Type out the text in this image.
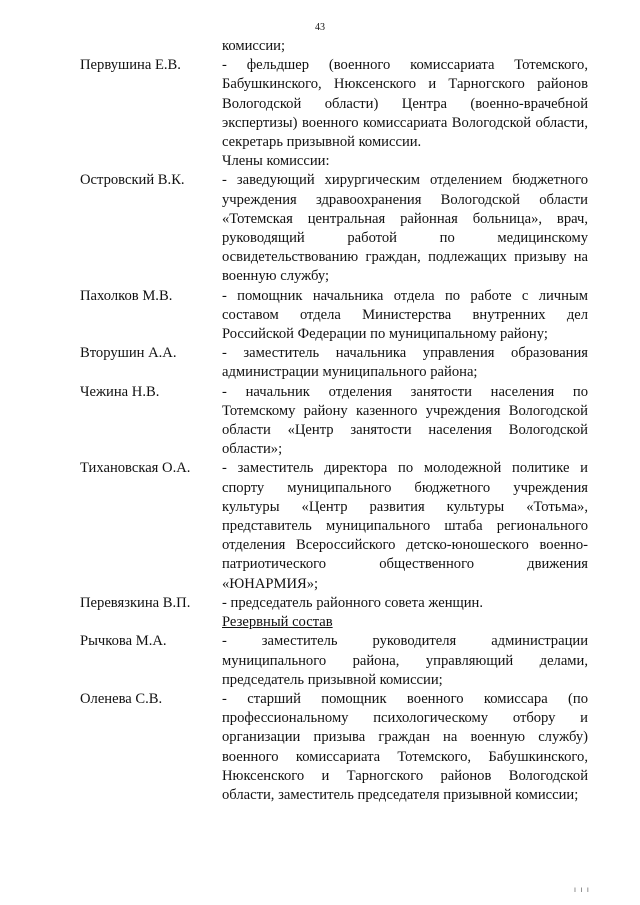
43
комиссии;
Первушина Е.В.	- фельдшер (военного комиссариата Тотемского, Бабушкинского, Нюксенского и Тарногского районов Вологодской области) Центра (военно-врачебной экспертизы) военного комиссариата Вологодской области, секретарь призывной комиссии.
Члены комиссии:
Островский В.К.	- заведующий хирургическим отделением бюджетного учреждения здравоохранения Вологодской области «Тотемская центральная районная больница», врач, руководящий работой по медицинскому освидетельствованию граждан, подлежащих призыву на военную службу;
Пахолков М.В.	- помощник начальника отдела по работе с личным составом отдела Министерства внутренних дел Российской Федерации по муниципальному району;
Вторушин А.А.	- заместитель начальника управления образования администрации муниципального района;
Чежина Н.В.	- начальник отделения занятости населения по Тотемскому району казенного учреждения Вологодской области «Центр занятости населения Вологодской области»;
Тихановская О.А.	- заместитель директора по молодежной политике и спорту муниципального бюджетного учреждения культуры «Центр развития культуры «Тотьма», представитель муниципального штаба регионального отделения Всероссийского детско-юношеского военно-патриотического общественного движения «ЮНАРМИЯ»;
Перевязкина В.П.	- председатель районного совета женщин.
Резервный состав
Рычкова М.А.	- заместитель руководителя администрации муниципального района, управляющий делами, председатель призывной комиссии;
Оленева С.В.	- старший помощник военного комиссара (по профессиональному психологическому отбору и организации призыва граждан на военную службу) военного комиссариата Тотемского, Бабушкинского, Нюксенского и Тарногского районов Вологодской области, заместитель председателя призывной комиссии;
ı ı ı
